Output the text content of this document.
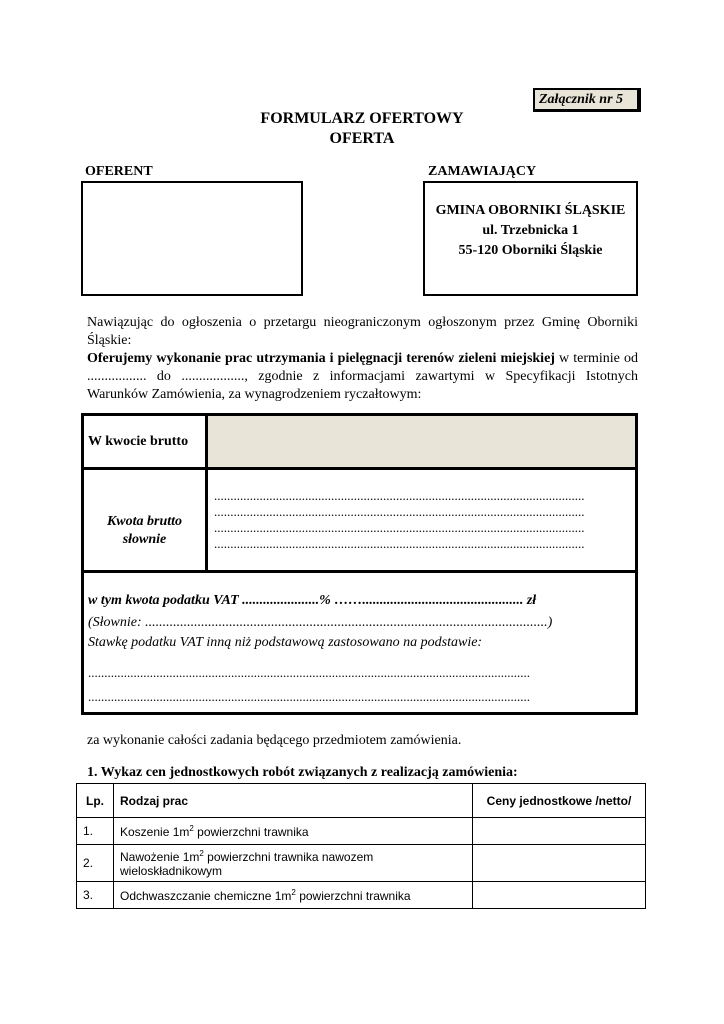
Załącznik nr 5
FORMULARZ OFERTOWY
OFERTA
OFERENT	ZAMAWIAJĄCY
GMINA OBORNIKI ŚLĄSKIE
ul. Trzebnicka 1
55-120 Oborniki Śląskie
Nawiązując do ogłoszenia o przetargu nieograniczonym ogłoszonym przez Gminę Oborniki Śląskie:
Oferujemy wykonanie prac utrzymania i pielęgnacji terenów zieleni miejskiej w terminie od ................. do .................., zgodnie z informacjami zawartymi w Specyfikacji Istotnych Warunków Zamówienia, za wynagrodzeniem ryczałtowym:
W kwocie brutto
Kwota brutto słownie
..................................................................................................................
..................................................................................................................
..................................................................................................................
..................................................................................................................
w tym kwota podatku VAT ......................% …….............................................. zł
(Słownie: ...................................................................................................................)
Stawkę podatku VAT inną niż podstawową zastosowano na podstawie:
........................................................................................................................................
........................................................................................................................................
za wykonanie całości zadania będącego przedmiotem zamówienia.
1. Wykaz cen jednostkowych robót związanych z realizacją zamówienia:
Lp.	Rodzaj prac	Ceny jednostkowe /netto/
1.	Koszenie $1m^2$ powierzchni trawnika	
2.	Nawożenie $1m^2$ powierzchni trawnika nawozem wieloskładnikowym	
3.	Odchwaszczanie chemiczne $1m^2$ powierzchni trawnika	
